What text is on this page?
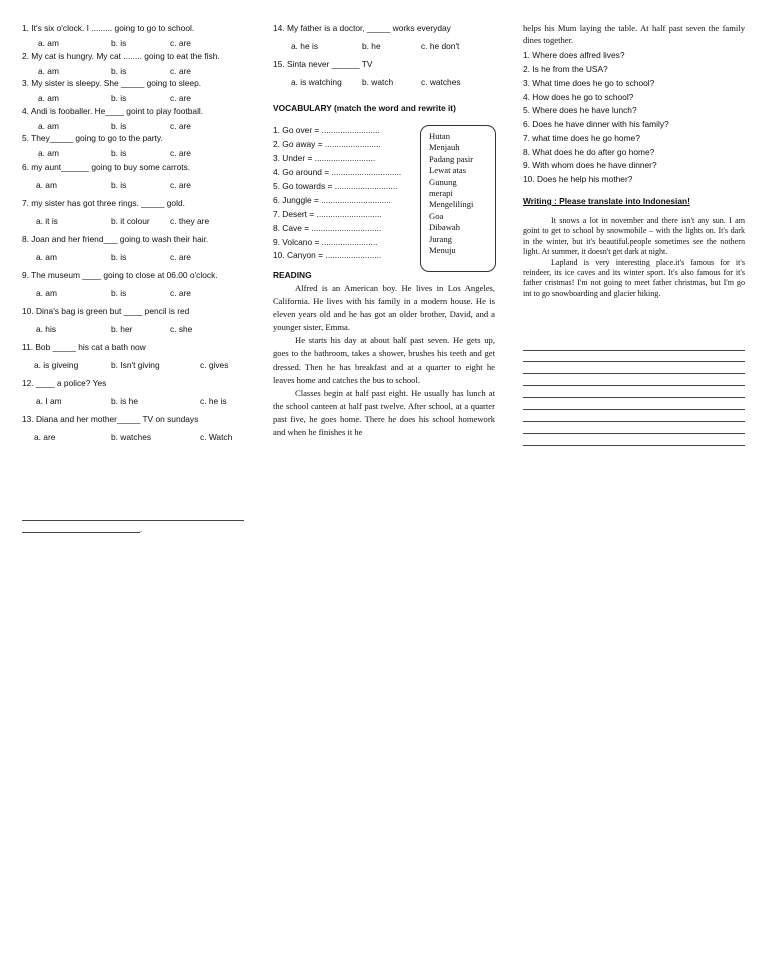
1. It's six o'clock. I ......... going to go to school.
a. am	b. is	c. are
2. My cat is hungry. My cat ........ going to eat the fish.
a. am	b. is	c. are
3. My sister is sleepy. She _____ going to sleep.
a. am	b. is	c. are
4. Andi is fooballer. He____ goint to play football.
a. am	b. is	c. are
5. They_____ going to go to the party.
a. am	b. is	c. are
6. my aunt______ going to buy some carrots.
a. am	b. is	c. are
7. my sister has got three rings. _____ gold.
a. it is	b. it colour c. they are
8. Joan and her friend___ going to wash their hair.
a. am	b. is	c. are
9. The museum ____ going to close at 06.00 o'clock.
a. am	b. is	c. are
10. Dina's bag is green but ____ pencil is red
a. his	b. her	c. she
11. Bob _____ his cat a bath now
a. is giveing	b. Isn't giving	c. gives
12. ____ a police? Yes
a. I am	b. is he	c. he is
13. Diana and her mother_____ TV on sundays
a. are	b. watches	c. Watch
.
14. My father is a doctor, _____ works everyday
a. he is	b. he	c. he don't
15. Sinta never ______ TV
a. is watching b. watch	c. watches
VOCABULARY (match the word and rewrite it)
1. Go over = .........................
2. Go away = ........................
3. Under = ..........................
4. Go around = ..............................
5. Go towards = ...........................
6. Junggle = ..............................
7. Desert = ............................
8. Cave = ..............................
9. Volcano = ........................
10. Canyon = ........................
READING

Alfred is an American boy. He lives in Los Angeles, California. He lives with his family in a modern house. He is eleven years old and he has got an older brother, David, and a younger sister, Emma.

He starts his day at about half past seven. He gets up, goes to the bathroom, takes a shower, brushes his teeth and get dressed. Then he has breakfast and at a quarter to eight he leaves home and catches the bus to school.

Classes begin at half past eight. He usually has lunch at the school canteen at half past twelve. After school, at a quarter past five, he goes home. There he does his school homework and when he finishes it he

Hutan
Menjauh
Padang pasir
Lewat atas
Gunung
merapi
Mengelilingi
Goa
Dibawah
Jurang
Menuju
helps his Mum laying the table. At half past seven the family dines together.
1. Where does alfred lives?
2. Is he from the USA?
3. What time does he go to school?
4. How does he go to school?
5. Where does he have lunch?
6. Does he have dinner with his family?
7. what time does he go home?
8. What does he do after go home?
9. With whom does he have dinner?
10. Does he help his mother?
Writing : Please translate into Indonesian!

It snows a lot in november and there isn't any sun. I am goint to get to school by snowmobile – with the lights on. It's dark in the winter, but it's beautiful.people sometimes see the nothern light. At summer, it doesn't get dark at night.

Lapland is very interesting place.it's famous for it's reindeer, its ice caves and its winter sport. It's also famous for it's father cristmas! I'm not going to meet father christmas, but I'm go int to go snowboarding and glacier hiking.
